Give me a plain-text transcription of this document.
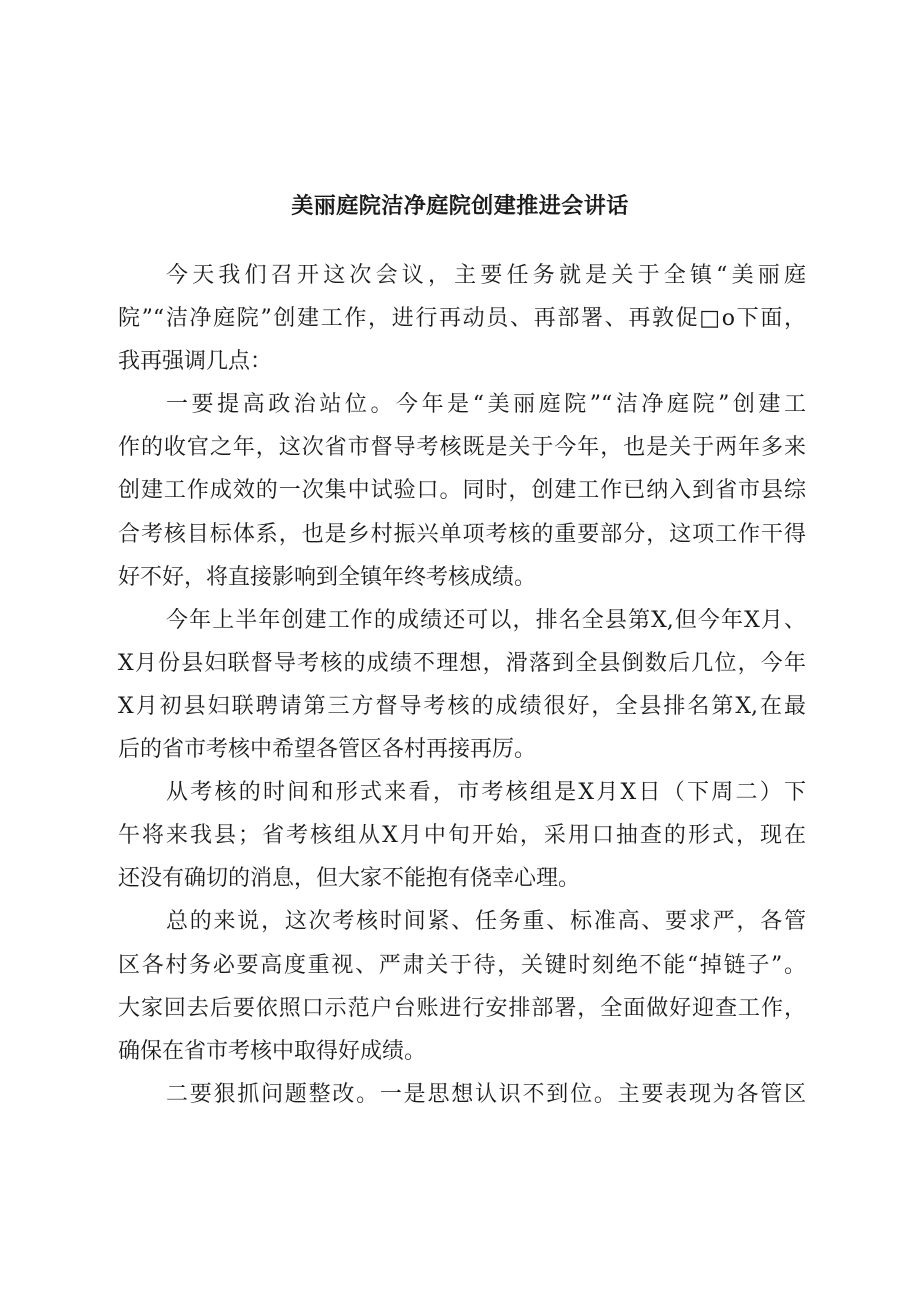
美丽庭院洁净庭院创建推进会讲话
今天我们召开这次会议，主要任务就是关于全镇“美丽庭
院”“洁净庭院”创建工作，进行再动员、再部署、再敦促□o下面，
我再强调几点：
一要提高政治站位。今年是“美丽庭院”“洁净庭院”创建工
作的收官之年，这次省市督导考核既是关于今年，也是关于两年多来
创建工作成效的一次集中试验口。同时，创建工作已纳入到省市县综
合考核目标体系，也是乡村振兴单项考核的重要部分，这项工作干得
好不好，将直接影响到全镇年终考核成绩。
今年上半年创建工作的成绩还可以，排名全县第X,但今年X月、
X月份县妇联督导考核的成绩不理想，滑落到全县倒数后几位，今年
X月初县妇联聘请第三方督导考核的成绩很好，全县排名第X,在最
后的省市考核中希望各管区各村再接再厉。
从考核的时间和形式来看，市考核组是X月X日（下周二）下
午将来我县；省考核组从X月中旬开始，采用口抽查的形式，现在
还没有确切的消息，但大家不能抱有侥幸心理。
总的来说，这次考核时间紧、任务重、标准高、要求严，各管
区各村务必要高度重视、严肃关于待，关键时刻绝不能“掉链子”。
大家回去后要依照口示范户台账进行安排部署，全面做好迎查工作，
确保在省市考核中取得好成绩。
二要狠抓问题整改。一是思想认识不到位。主要表现为各管区
